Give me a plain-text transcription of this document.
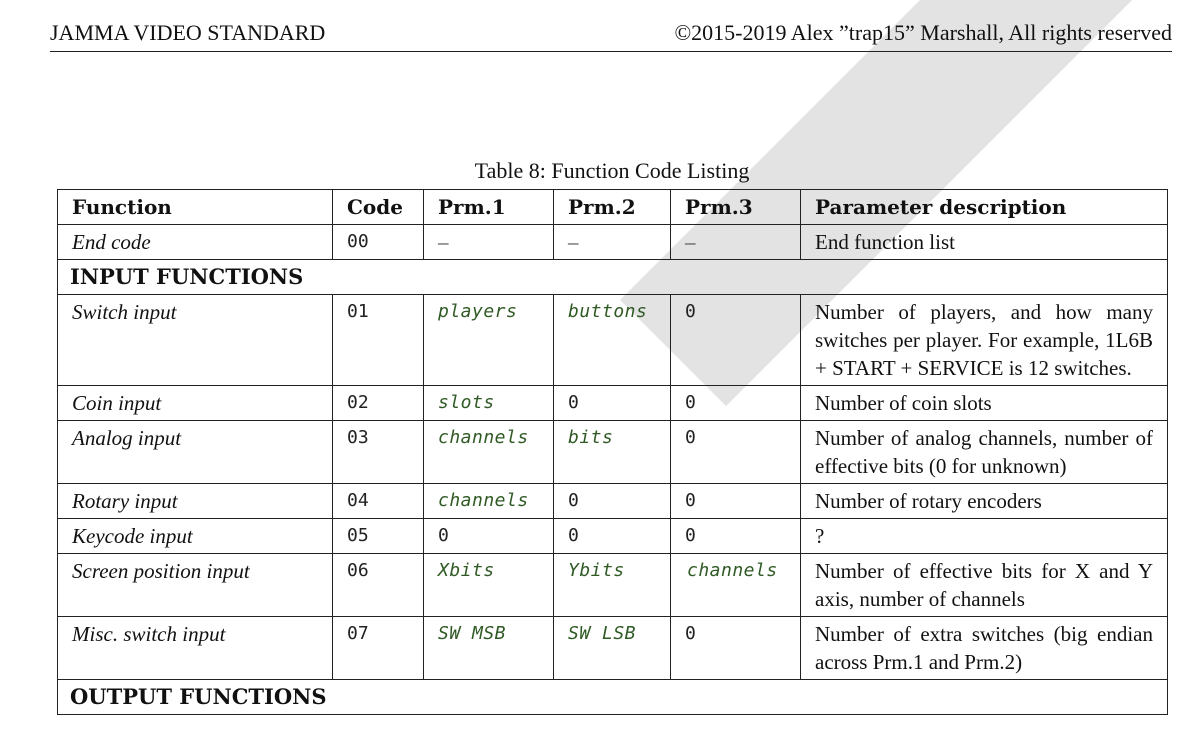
JAMMA VIDEO STANDARD	©2015-2019 Alex ”trap15” Marshall, All rights reserved
Table 8: Function Code Listing
Function	Code	Prm.1	Prm.2	Prm.3	Parameter description
End code	00	–	–	–	End function list
INPUT FUNCTIONS					
Switch input	01	players	buttons	0	Number of players, and how many switches per player. For example, 1L6B + START + SERVICE is 12 switches.
Coin input	02	slots	0	0	Number of coin slots
Analog input	03	channels	bits	0	Number of analog channels, number of effective bits (0 for unknown)
Rotary input	04	channels	0	0	Number of rotary encoders
Keycode input	05	0	0	0	?
Screen position input	06	Xbits	Ybits	channels	Number of effective bits for X and Y axis, number of channels
Misc. switch input	07	SW MSB	SW LSB	0	Number of extra switches (big endian across Prm.1 and Prm.2)
OUTPUT FUNCTIONS					
